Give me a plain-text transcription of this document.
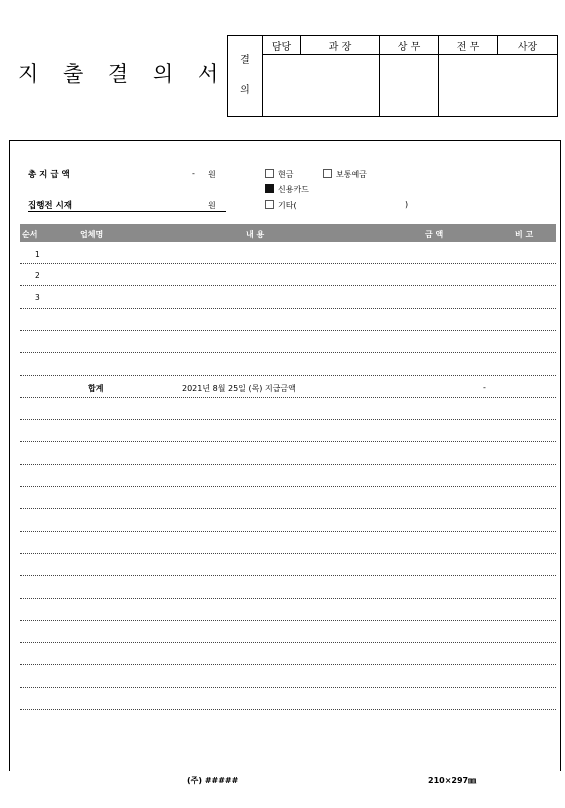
지 출 결 의 서
결
의	담당	과 장	상 무	전 무	사장

총 지 급 액	- 원
집행전 시재	원
현금	보통예금
신용카드
기타(	)
순서	업체명	내 용	금 액	비 고
1
2
3
합계	2021년 8월 25일 (목) 지급금액	-
(주) #####	210×297㎜
